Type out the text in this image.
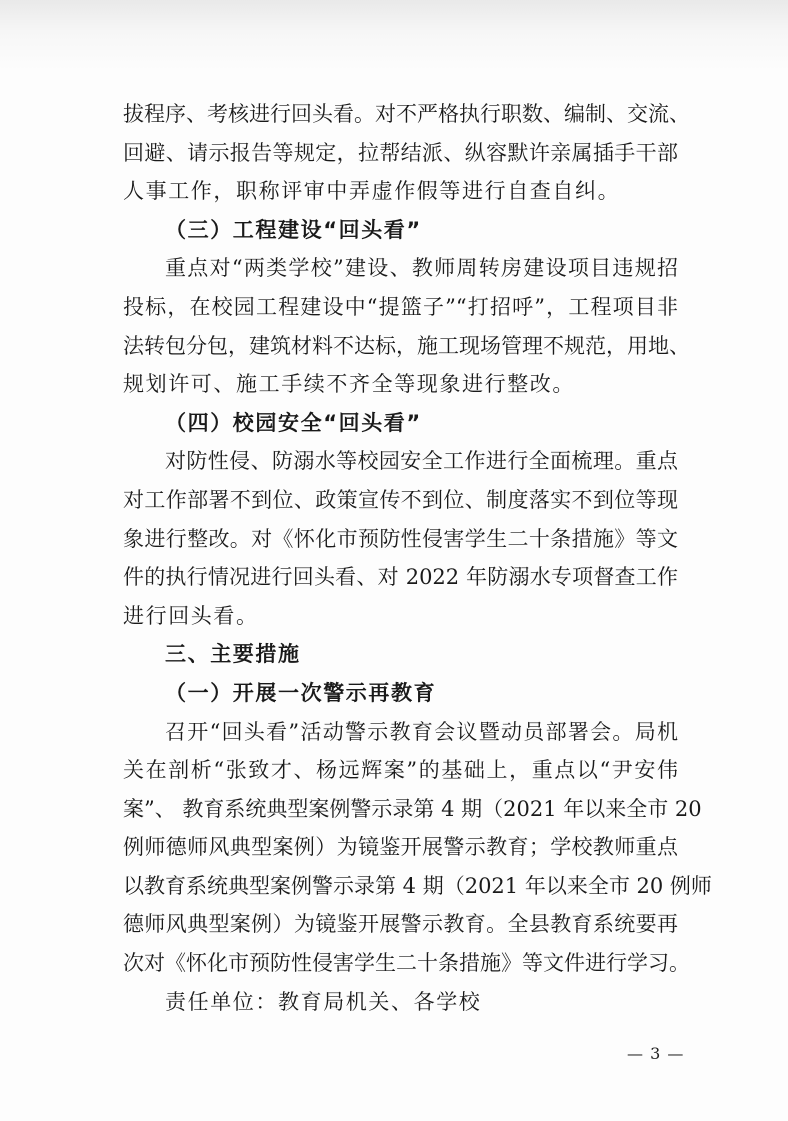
拔程序、考核进行回头看。对不严格执行职数、编制、交流、
回避、请示报告等规定，拉帮结派、纵容默许亲属插手干部
人事工作，职称评审中弄虚作假等进行自查自纠。
（三）工程建设“回头看”
重点对“两类学校”建设、教师周转房建设项目违规招
投标，在校园工程建设中“提篮子”“打招呼”，工程项目非
法转包分包，建筑材料不达标，施工现场管理不规范，用地、
规划许可、施工手续不齐全等现象进行整改。
（四）校园安全“回头看”
对防性侵、防溺水等校园安全工作进行全面梳理。重点
对工作部署不到位、政策宣传不到位、制度落实不到位等现
象进行整改。对《怀化市预防性侵害学生二十条措施》等文
件的执行情况进行回头看、对 2022 年防溺水专项督查工作
进行回头看。
三、主要措施
（一）开展一次警示再教育
召开“回头看”活动警示教育会议暨动员部署会。局机
关在剖析“张致才、杨远辉案”的基础上，重点以“尹安伟
案”、 教育系统典型案例警示录第 4 期（2021 年以来全市 20
例师德师风典型案例）为镜鉴开展警示教育；学校教师重点
以教育系统典型案例警示录第 4 期（2021 年以来全市 20 例师
德师风典型案例）为镜鉴开展警示教育。全县教育系统要再
次对《怀化市预防性侵害学生二十条措施》等文件进行学习。
责任单位：教育局机关、各学校
— 3 —
